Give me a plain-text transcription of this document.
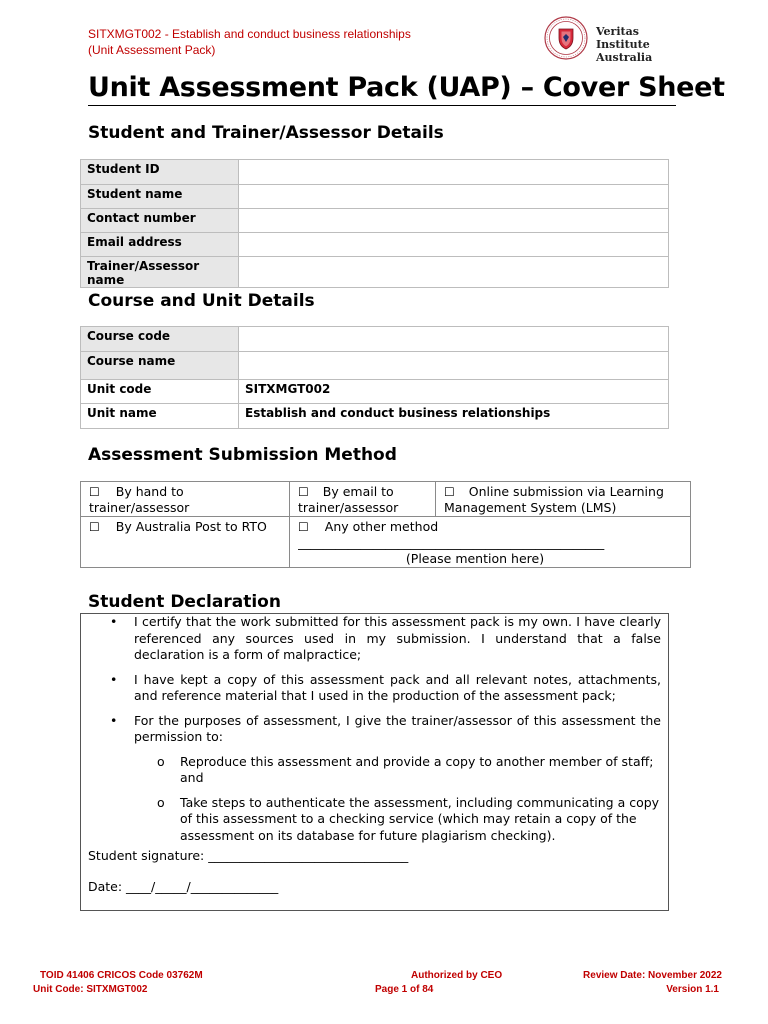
SITXMGT002 - Establish and conduct business relationships
(Unit Assessment Pack)
Veritas Institute
Australia
Unit Assessment Pack (UAP) – Cover Sheet
Student and Trainer/Assessor Details
Student ID	
Student name	
Contact number	
Email address	
Trainer/Assessor name	
Course and Unit Details
Course code	
Course name	
Unit code	SITXMGT002
Unit name	Establish and conduct business relationships
Assessment Submission Method
☐ By hand to trainer/assessor	☐ By email to trainer/assessor	☐ Online submission via Learning Management System (LMS)
☐ By Australia Post to RTO	☐ Any other method
_________________________________________________
(Please mention here)	
Student Declaration
• I certify that the work submitted for this assessment pack is my own. I have clearly referenced any sources used in my submission. I understand that a false declaration is a form of malpractice;
• I have kept a copy of this assessment pack and all relevant notes, attachments, and reference material that I used in the production of the assessment pack;
• For the purposes of assessment, I give the trainer/assessor of this assessment the permission to:
o Reproduce this assessment and provide a copy to another member of staff; and
o Take steps to authenticate the assessment, including communicating a copy of this assessment to a checking service (which may retain a copy of the assessment on its database for future plagiarism checking).
Student signature: ________________________________
Date: ____/_____/______________
TOID 41406 CRICOS Code 03762M
Unit Code: SITXMGT002
Authorized by CEO
Page 1 of 84
Review Date: November 2022
Version 1.1
